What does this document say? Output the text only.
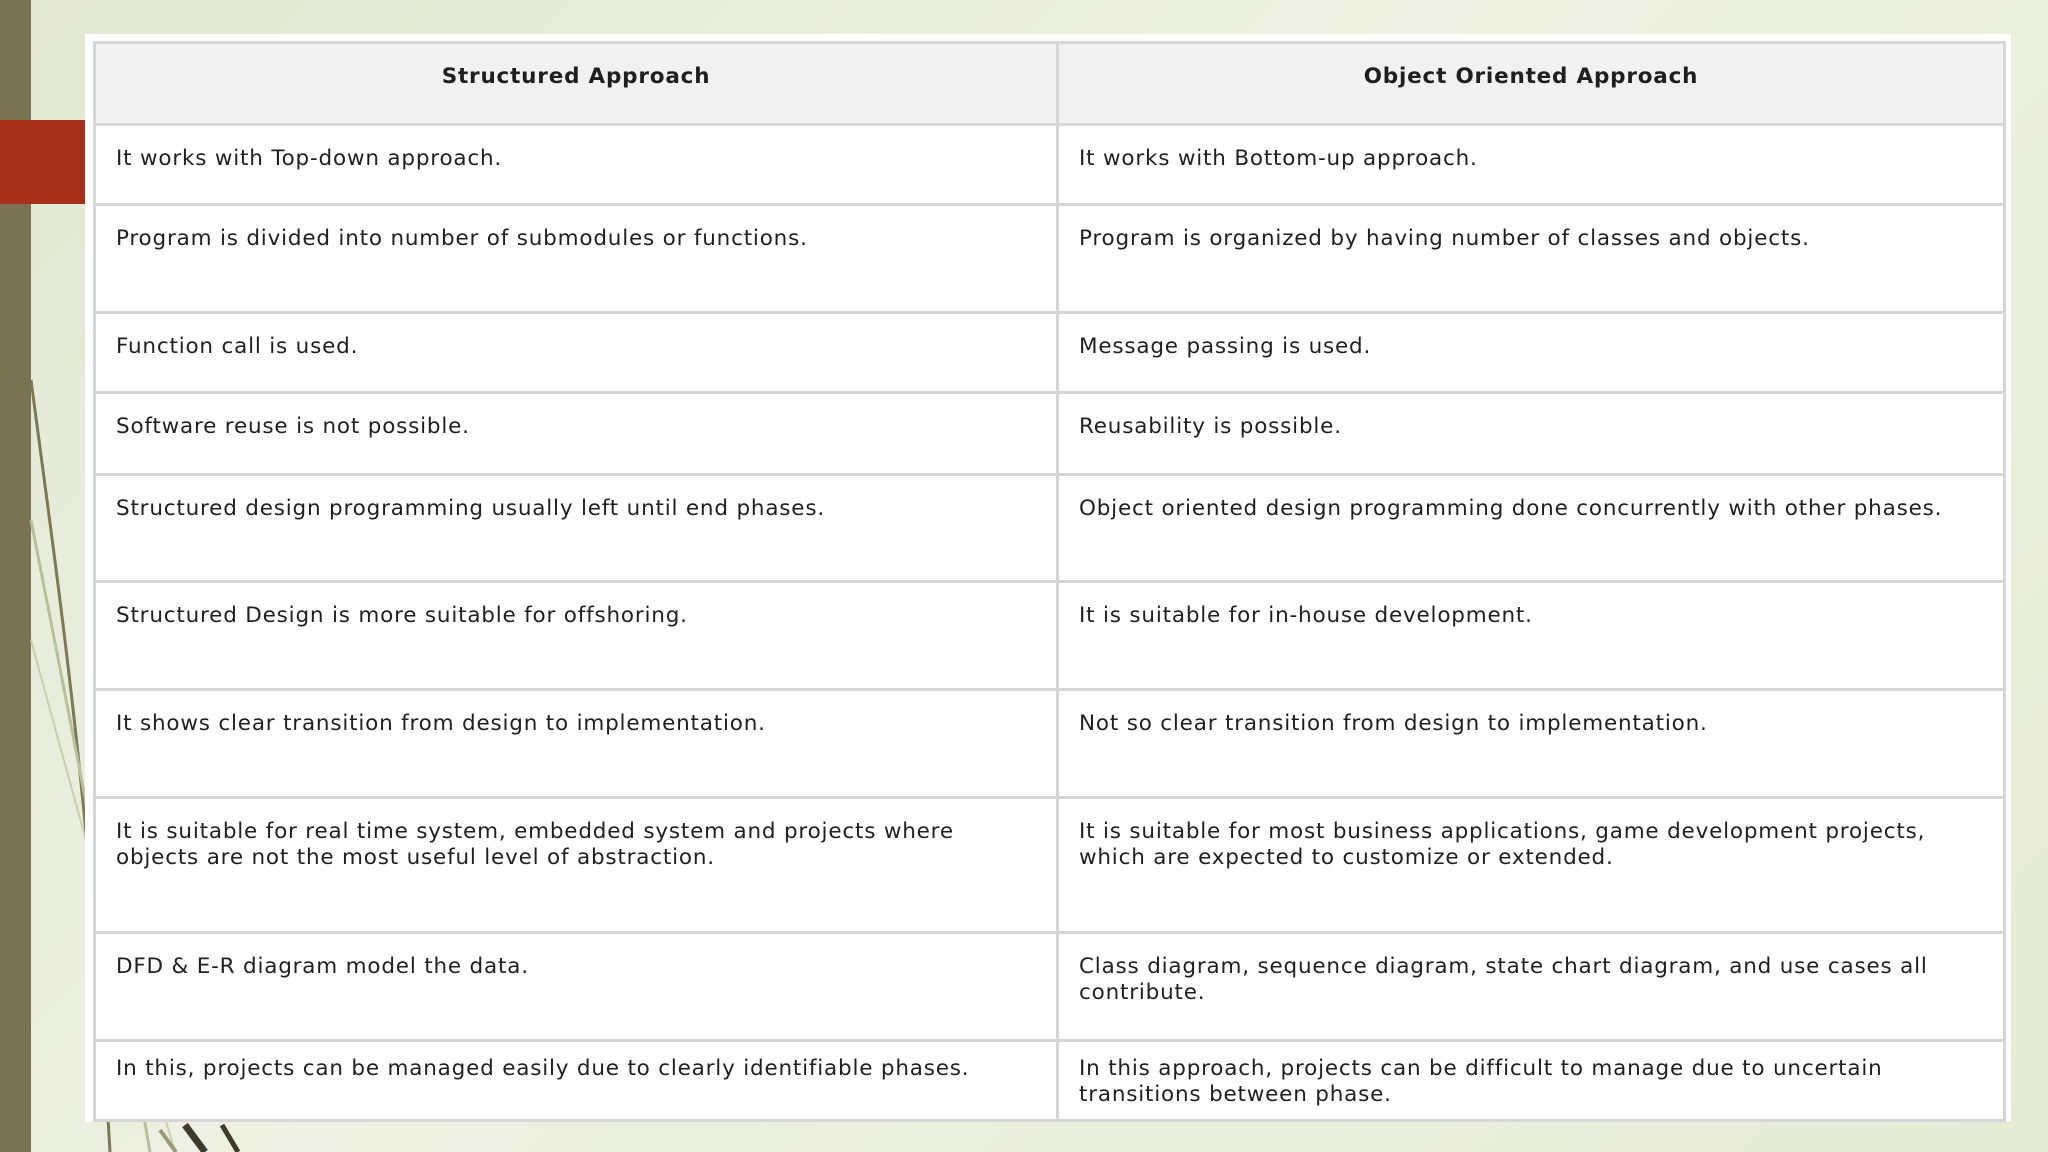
Structured Approach	Object Oriented Approach
It works with Top-down approach.	It works with Bottom-up approach.
Program is divided into number of submodules or functions.	Program is organized by having number of classes and objects.
Function call is used.	Message passing is used.
Software reuse is not possible.	Reusability is possible.
Structured design programming usually left until end phases.	Object oriented design programming done concurrently with other phases.
Structured Design is more suitable for offshoring.	It is suitable for in-house development.
It shows clear transition from design to implementation.	Not so clear transition from design to implementation.
It is suitable for real time system, embedded system and projects where objects are not the most useful level of abstraction.	It is suitable for most business applications, game development projects, which are expected to customize or extended.
DFD & E-R diagram model the data.	Class diagram, sequence diagram, state chart diagram, and use cases all contribute.
In this, projects can be managed easily due to clearly identifiable phases.	In this approach, projects can be difficult to manage due to uncertain transitions between phase.
